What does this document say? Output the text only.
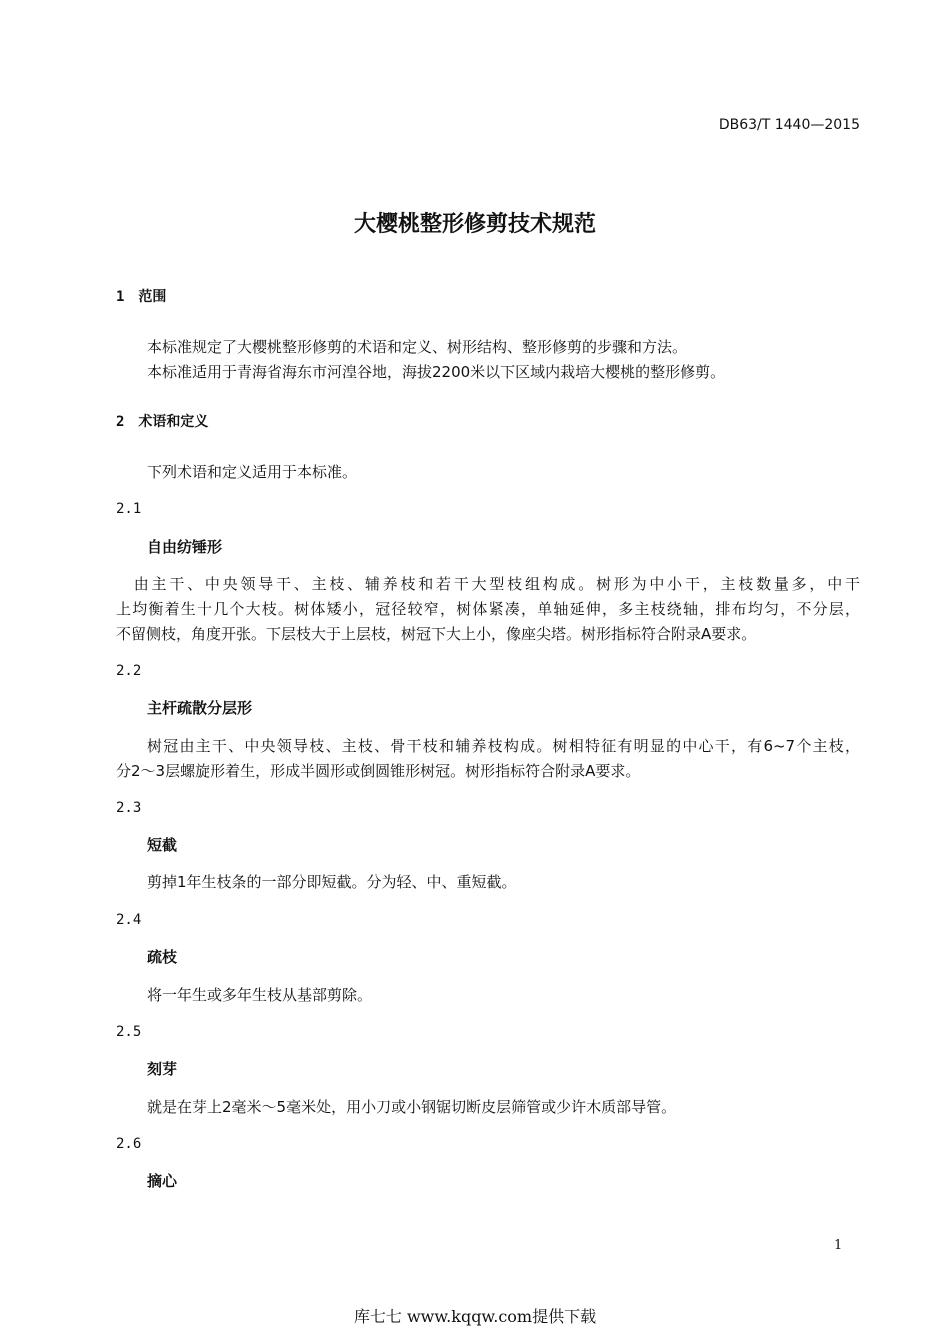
DB63/T 1440—2015
大樱桃整形修剪技术规范
1　范围
本标准规定了大樱桃整形修剪的术语和定义、树形结构、整形修剪的步骤和方法。
本标准适用于青海省海东市河湟谷地，海拔2200米以下区域内栽培大樱桃的整形修剪。
2　术语和定义
下列术语和定义适用于本标准。
2.1
自由纺锤形
　由主干、中央领导干、主枝、辅养枝和若干大型枝组构成。树形为中小干，主枝数量多，中干
上均衡着生十几个大枝。树体矮小，冠径较窄，树体紧凑，单轴延伸，多主枝绕轴，排布均匀，不分层，
不留侧枝，角度开张。下层枝大于上层枝，树冠下大上小，像座尖塔。树形指标符合附录A要求。
2.2
主杆疏散分层形
树冠由主干、中央领导枝、主枝、骨干枝和辅养枝构成。树相特征有明显的中心干，有6~7个主枝，
分2～3层螺旋形着生，形成半圆形或倒圆锥形树冠。树形指标符合附录A要求。
2.3
短截
剪掉1年生枝条的一部分即短截。分为轻、中、重短截。
2.4
疏枝
将一年生或多年生枝从基部剪除。
2.5
刻芽
就是在芽上2毫米～5毫米处，用小刀或小钢锯切断皮层筛管或少许木质部导管。
2.6
摘心
1
库七七 www.kqqw.com提供下载
